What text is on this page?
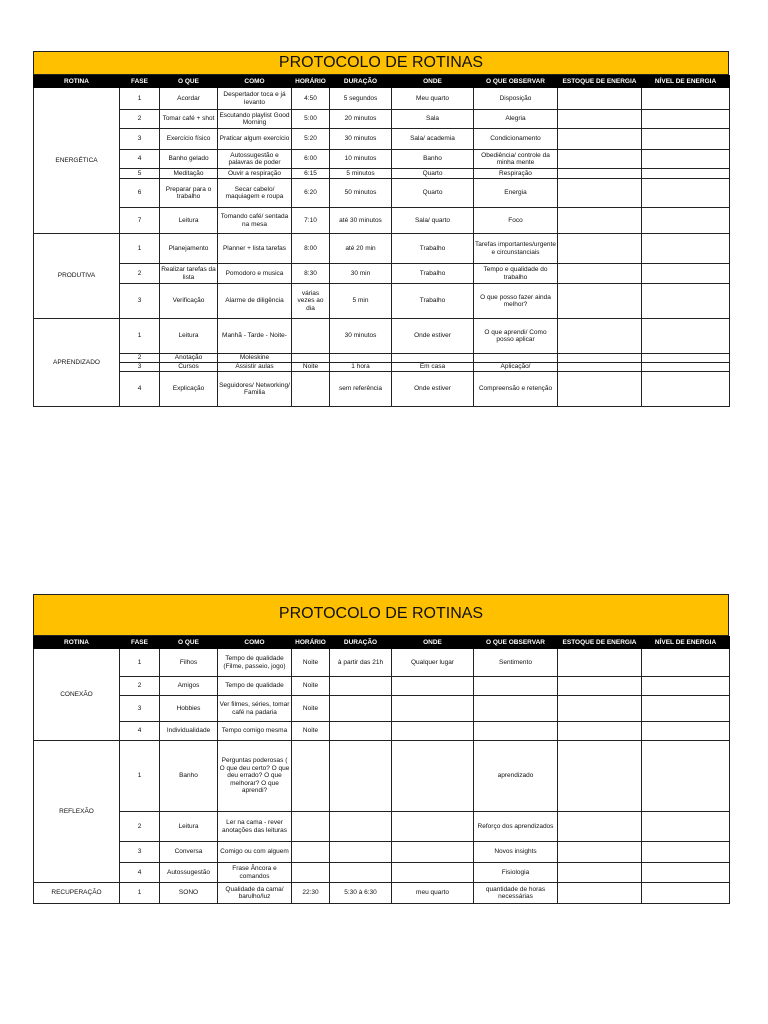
PROTOCOLO DE ROTINAS
ROTINA	FASE	O QUE	COMO	HORÁRIO	DURAÇÃO	ONDE	O QUE OBSERVAR	ESTOQUE DE ENERGIA	NÍVEL DE ENERGIA
ENERGÉTICA	1	Acordar	Despertador toca e já levanto	4:50	5 segundos	Meu quarto	Disposição		
	2	Tomar café + shot	Escutando playlist Good Morning	5:00	20 minutos	Sala	Alegria		
	3	Exercício físico	Praticar algum exercício	5:20	30 minutos	Sala/ academia	Condicionamento		
	4	Banho gelado	Autossugestão e palavras de poder	6:00	10 minutos	Banho	Obediência/ controle da minha mente		
	5	Meditação	Ouvir a respiração	6:15	5 minutos	Quarto	Respiração		
	6	Preparar para o trabalho	Secar cabelo/ maquiagem e roupa	6:20	50 minutos	Quarto	Energia		
	7	Leitura	Tomando café/ sentada na mesa	7:10	até 30 minutos	Sala/ quarto	Foco		
PRODUTIVA	1	Planejamento	Planner + lista tarefas	8:00	até 20 min	Trabalho	Tarefas importantes/urgente e circunstanciais		
	2	Realizar tarefas da lista	Pomodoro e musica	8:30	30 min	Trabalho	Tempo e qualidade do trabalho		
	3	Verificação	Alarme de diligência	várias vezes ao dia	5 min	Trabalho	O que posso fazer ainda melhor?		
APRENDIZADO	1	Leitura	Manhã - Tarde - Noite-		30 minutos	Onde estiver	O que aprendi/ Como posso aplicar		
	2	Anotação	Moleskine						
	3	Cursos	Assistir aulas	Noite	1 hora	Em casa	Aplicação/		
	4	Explicação	Seguidores/ Networking/ Familia		sem referência	Onde estiver	Compreensão e retenção		
PROTOCOLO DE ROTINAS
ROTINA	FASE	O QUE	COMO	HORÁRIO	DURAÇÃO	ONDE	O QUE OBSERVAR	ESTOQUE DE ENERGIA	NÍVEL DE ENERGIA
CONEXÃO	1	Filhos	Tempo de qualidade (Filme, passeio, jogo)	Noite	à partir das 21h	Qualquer lugar	Sentimento		
	2	Amigos	Tempo de qualidade	Noite					
	3	Hobbies	Ver filmes, séries, tomar café na padaria	Noite					
	4	Individualidade	Tempo comigo mesma	Noite					
REFLEXÃO	1	Banho	Perguntas poderosas ( O que deu certo? O que deu errado? O que melhorar? O que aprendi?				aprendizado		
	2	Leitura	Ler na cama - rever anotações das leituras				Reforço dos aprendizados		
	3	Conversa	Comigo ou com alguem				Novos insights		
	4	Autossugestão	Frase Âncora e comandos				Fisiologia		
RECUPERAÇÃO	1	SONO	Qualidade da cama/ barulho/luz	22:30	5:30 à 6:30	meu quarto	quantidade de horas necessárias		
